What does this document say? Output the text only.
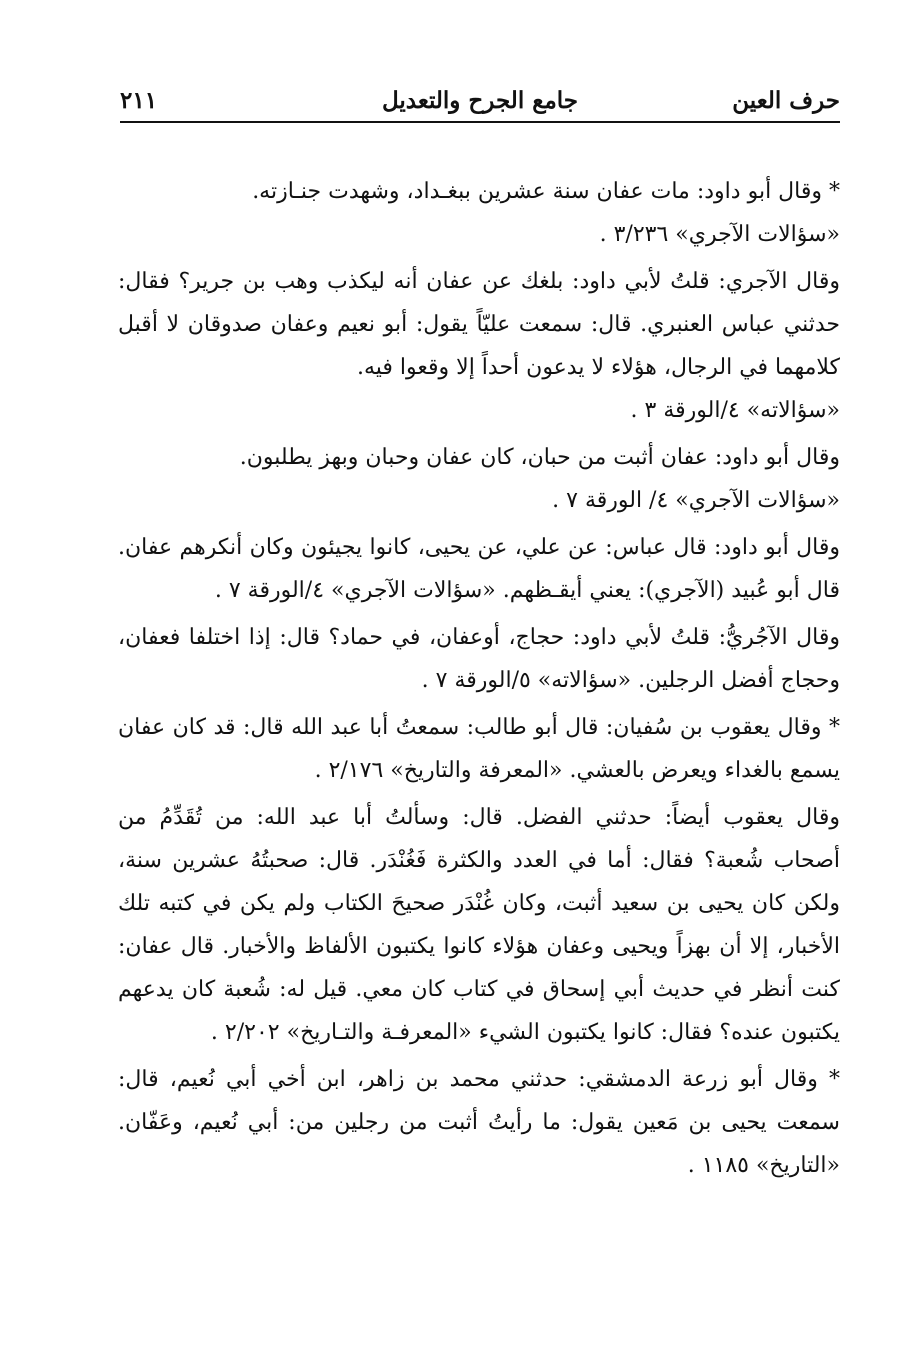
حرف العين
جامع الجرح والتعديل
٢١١

* وقال أبو داود: مات عفان سنة عشرين ببغـداد، وشهدت جنـازته.
«سؤالات الآجري» ٣/٢٣٦ .

وقال الآجري: قلتُ لأبي داود: بلغك عن عفان أنه ليكذب وهب بن جرير؟ فقال: حدثني عباس العنبري. قال: سمعت عليّاً يقول: أبو نعيم وعفان صدوقان لا أقبل كلامهما في الرجال، هؤلاء لا يدعون أحداً إلا وقعوا فيه.
«سؤالاته» ٤/الورقة ٣ .

وقال أبو داود: عفان أثبت من حبان، كان عفان وحبان وبهز يطلبون.
«سؤالات الآجري» ٤/ الورقة ٧ .

وقال أبو داود: قال عباس: عن علي، عن يحيى، كانوا يجيئون وكان أنكرهم عفان. قال أبو عُبيد (الآجري): يعني أيقـظهم. «سؤالات الآجري» ٤/الورقة ٧ .

وقال الآجُريُّ: قلتُ لأبي داود: حجاج، أوعفان، في حماد؟ قال: إذا اختلفا فعفان، وحجاج أفضل الرجلين. «سؤالاته» ٥/الورقة ٧ .

* وقال يعقوب بن سُفيان: قال أبو طالب: سمعتُ أبا عبد الله قال: قد كان عفان يسمع بالغداء ويعرض بالعشي. «المعرفة والتاريخ» ٢/١٧٦ .

وقال يعقوب أيضاً: حدثني الفضل. قال: وسألتُ أبا عبد الله: من تُقَدِّمُ من أصحاب شُعبة؟ فقال: أما في العدد والكثرة فَغُنْدَر. قال: صحبتُهُ عشرين سنة، ولكن كان يحيى بن سعيد أثبت، وكان غُنْدَر صحيحَ الكتاب ولم يكن في كتبه تلك الأخبار، إلا أن بهزاً ويحيى وعفان هؤلاء كانوا يكتبون الألفاظ والأخبار. قال عفان: كنت أنظر في حديث أبي إسحاق في كتاب كان معي. قيل له: شُعبة كان يدعهم يكتبون عنده؟ فقال: كانوا يكتبون الشيء «المعرفـة والتـاريخ» ٢/٢٠٢ .

* وقال أبو زرعة الدمشقي: حدثني محمد بن زاهر، ابن أخي أبي نُعيم، قال: سمعت يحيى بن مَعين يقول: ما رأيتُ أثبت من رجلين من: أبي نُعيم، وعَفّان. «التاريخ» ١١٨٥ .
